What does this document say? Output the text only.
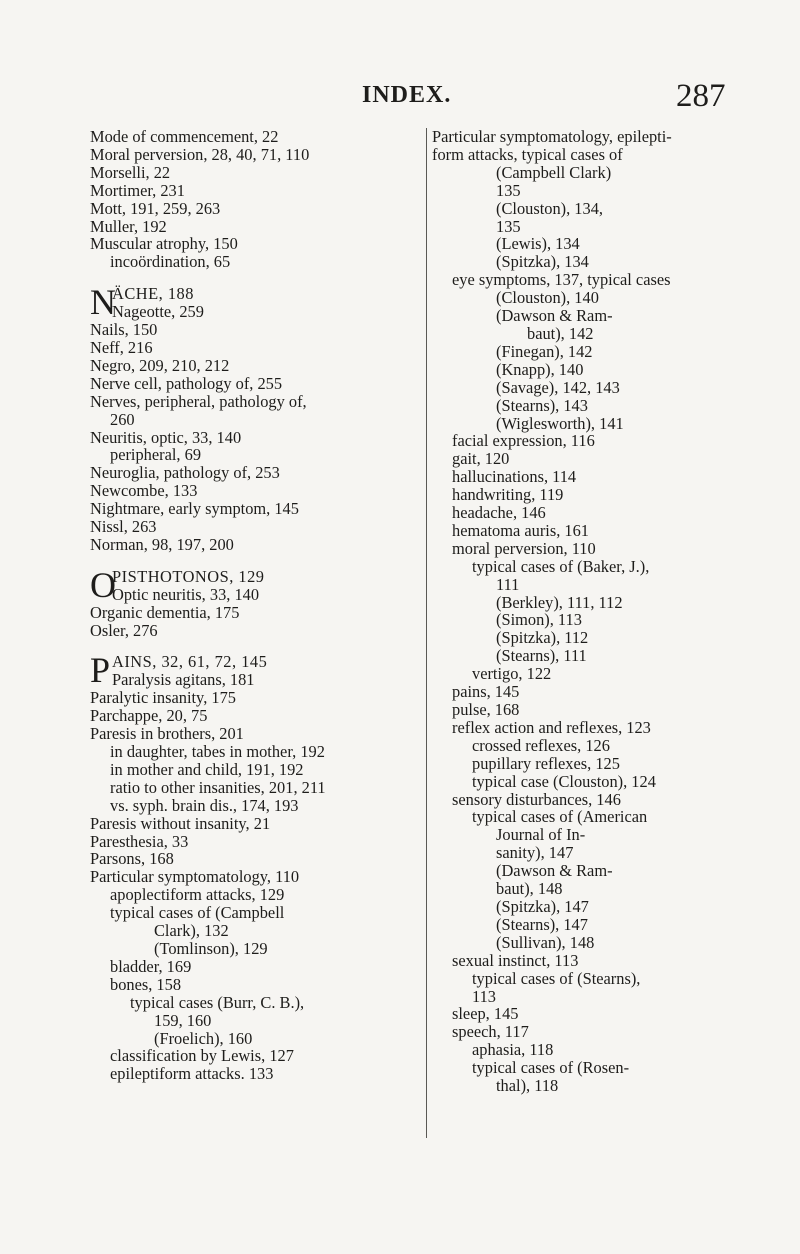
INDEX.	287
Mode of commencement, 22
Moral perversion, 28, 40, 71, 110
Morselli, 22
Mortimer, 231
Mott, 191, 259, 263
Muller, 192
Muscular atrophy, 150
incoördination, 65
N
ÄCHE, 188
Nageotte, 259
Nails, 150
Neff, 216
Negro, 209, 210, 212
Nerve cell, pathology of, 255
Nerves, peripheral, pathology of,
260
Neuritis, optic, 33, 140
peripheral, 69
Neuroglia, pathology of, 253
Newcombe, 133
Nightmare, early symptom, 145
Nissl, 263
Norman, 98, 197, 200
O
PISTHOTONOS, 129
Optic neuritis, 33, 140
Organic dementia, 175
Osler, 276
P AINS, 32, 61, 72, 145
Paralysis agitans, 181
Paralytic insanity, 175
Parchappe, 20, 75
Paresis in brothers, 201
in daughter, tabes in mother, 192
in mother and child, 191, 192
ratio to other insanities, 201, 211
vs. syph. brain dis., 174, 193
Paresis without insanity, 21
Paresthesia, 33
Parsons, 168
Particular symptomatology, 110
apoplectiform attacks, 129
typical cases of (Campbell
Clark), 132
(Tomlinson), 129
bladder, 169
bones, 158
typical cases (Burr, C. B.),
159, 160
(Froelich), 160
classification by Lewis, 127
epileptiform attacks. 133
Particular symptomatology, epilepti-
form attacks, typical cases of
(Campbell Clark)
135
(Clouston), 134,
135
(Lewis), 134
(Spitzka), 134
eye symptoms, 137, typical cases
(Clouston), 140
(Dawson & Ram-
baut), 142
(Finegan), 142
(Knapp), 140
(Savage), 142, 143
(Stearns), 143
(Wiglesworth), 141
facial expression, 116
gait, 120
hallucinations, 114
handwriting, 119
headache, 146
hematoma auris, 161
moral perversion, 110
typical cases of (Baker, J.),
111
(Berkley), 111, 112
(Simon), 113
(Spitzka), 112
(Stearns), 111
vertigo, 122
pains, 145
pulse, 168
reflex action and reflexes, 123
crossed reflexes, 126
pupillary reflexes, 125
typical case (Clouston), 124
sensory disturbances, 146
typical cases of (American
Journal of In-
sanity), 147
(Dawson & Ram-
baut), 148
(Spitzka), 147
(Stearns), 147
(Sullivan), 148
sexual instinct, 113
typical cases of (Stearns),
113
sleep, 145
speech, 117
aphasia, 118
typical cases of (Rosen-
thal), 118
